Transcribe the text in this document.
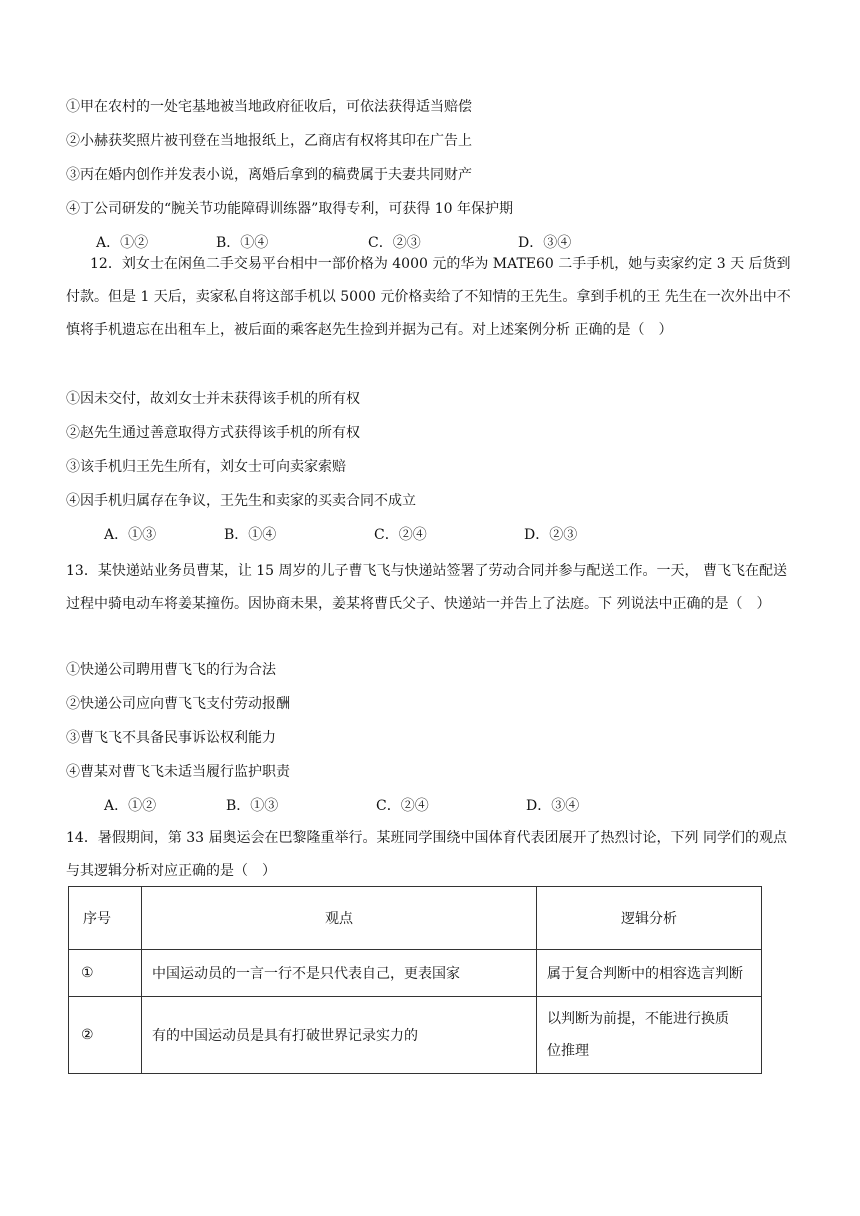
①甲在农村的一处宅基地被当地政府征收后，可依法获得适当赔偿
②小赫获奖照片被刊登在当地报纸上，乙商店有权将其印在广告上
③丙在婚内创作并发表小说，离婚后拿到的稿费属于夫妻共同财产
④丁公司研发的“腕关节功能障碍训练器”取得专利，可获得 10 年保护期
A．①②	B．①④	C．②③	D．③④
12．刘女士在闲鱼二手交易平台相中一部价格为 4000 元的华为 MATE60 二手手机，她与卖家约定 3 天 后货到付款。但是 1 天后，卖家私自将这部手机以 5000 元价格卖给了不知情的王先生。拿到手机的王 先生在一次外出中不慎将手机遗忘在出租车上，被后面的乘客赵先生捡到并据为己有。对上述案例分析 正确的是（　）
①因未交付，故刘女士并未获得该手机的所有权
②赵先生通过善意取得方式获得该手机的所有权
③该手机归王先生所有，刘女士可向卖家索赔
④因手机归属存在争议，王先生和卖家的买卖合同不成立
A．①③	B．①④	C．②④	D．②③
13．某快递站业务员曹某，让 15 周岁的儿子曹飞飞与快递站签署了劳动合同并参与配送工作。一天， 曹飞飞在配送过程中骑电动车将姜某撞伤。因协商未果，姜某将曹氏父子、快递站一并告上了法庭。下 列说法中正确的是（　）
①快递公司聘用曹飞飞的行为合法
②快递公司应向曹飞飞支付劳动报酬
③曹飞飞不具备民事诉讼权利能力
④曹某对曹飞飞未适当履行监护职责
A．①②	B．①③	C．②④	D．③④
14．暑假期间，第 33 届奥运会在巴黎隆重举行。某班同学围绕中国体育代表团展开了热烈讨论，下列 同学们的观点与其逻辑分析对应正确的是（　）
序号	观点	逻辑分析
①	中国运动员的一言一行不是只代表自己，更表国家	属于复合判断中的相容选言判断
②	有的中国运动员是具有打破世界记录实力的	以判断为前提，不能进行换质位推理
